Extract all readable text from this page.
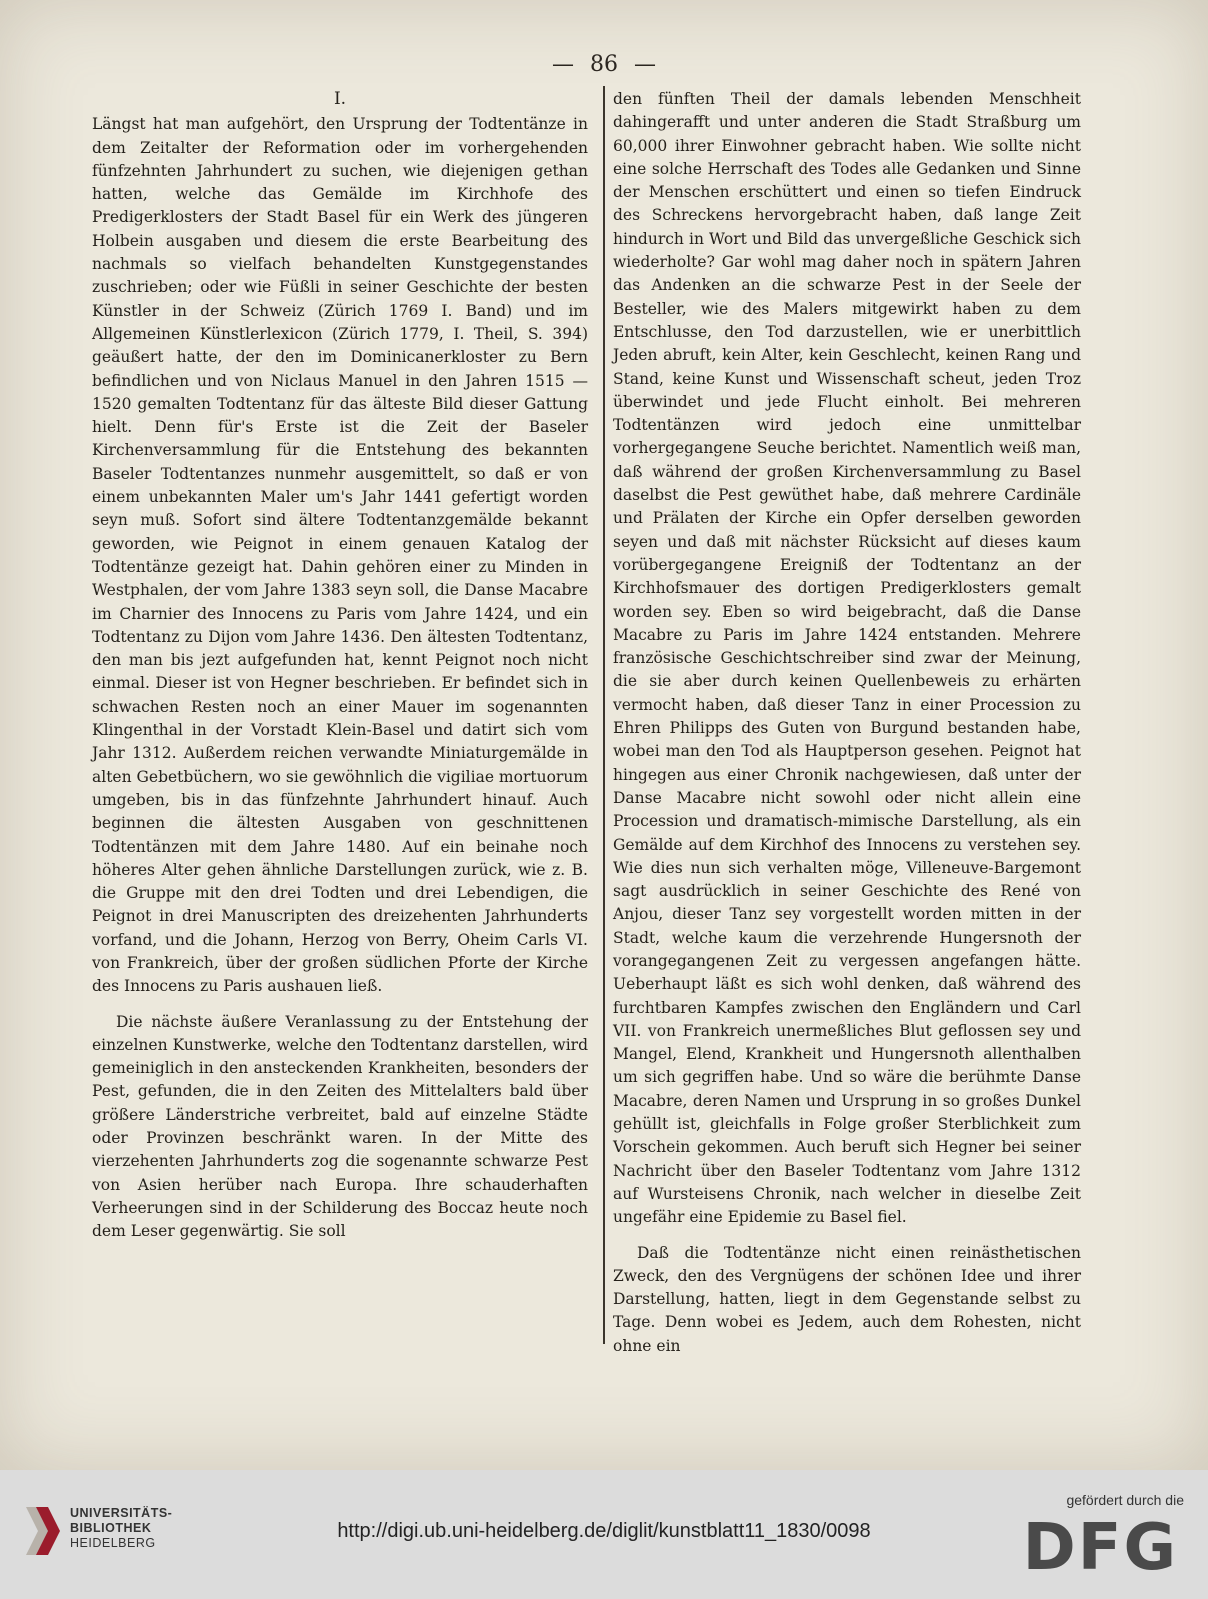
— 86 —
I.

Längst hat man aufgehört, den Ursprung der Todtentänze in dem Zeitalter der Reformation oder im vorhergehenden fünfzehnten Jahrhundert zu suchen, wie diejenigen gethan hatten, welche das Gemälde im Kirchhofe des Predigerklosters der Stadt Basel für ein Werk des jüngeren Holbein ausgaben und diesem die erste Bearbeitung des nachmals so vielfach behandelten Kunstgegenstandes zuschrieben; oder wie Füßli in seiner Geschichte der besten Künstler in der Schweiz (Zürich 1769 I. Band) und im Allgemeinen Künstlerlexicon (Zürich 1779, I. Theil, S. 394) geäußert hatte, der den im Dominicanerkloster zu Bern befindlichen und von Niclaus Manuel in den Jahren 1515 — 1520 gemalten Todtentanz für das älteste Bild dieser Gattung hielt. Denn für's Erste ist die Zeit der Baseler Kirchenversammlung für die Entstehung des bekannten Baseler Todtentanzes nunmehr ausgemittelt, so daß er von einem unbekannten Maler um's Jahr 1441 gefertigt worden seyn muß. Sofort sind ältere Todtentanzgemälde bekannt geworden, wie Peignot in einem genauen Katalog der Todtentänze gezeigt hat. Dahin gehören einer zu Minden in Westphalen, der vom Jahre 1383 seyn soll, die Danse Macabre im Charnier des Innocens zu Paris vom Jahre 1424, und ein Todtentanz zu Dijon vom Jahre 1436. Den ältesten Todtentanz, den man bis jezt aufgefunden hat, kennt Peignot noch nicht einmal. Dieser ist von Hegner beschrieben. Er befindet sich in schwachen Resten noch an einer Mauer im sogenannten Klingenthal in der Vorstadt Klein-Basel und datirt sich vom Jahr 1312. Außerdem reichen verwandte Miniaturgemälde in alten Gebetbüchern, wo sie gewöhnlich die vigiliae mortuorum umgeben, bis in das fünfzehnte Jahrhundert hinauf. Auch beginnen die ältesten Ausgaben von geschnittenen Todtentänzen mit dem Jahre 1480. Auf ein beinahe noch höheres Alter gehen ähnliche Darstellungen zurück, wie z. B. die Gruppe mit den drei Todten und drei Lebendigen, die Peignot in drei Manuscripten des dreizehenten Jahrhunderts vorfand, und die Johann, Herzog von Berry, Oheim Carls VI. von Frankreich, über der großen südlichen Pforte der Kirche des Innocens zu Paris aushauen ließ.

Die nächste äußere Veranlassung zu der Entstehung der einzelnen Kunstwerke, welche den Todtentanz darstellen, wird gemeiniglich in den ansteckenden Krankheiten, besonders der Pest, gefunden, die in den Zeiten des Mittelalters bald über größere Länderstriche verbreitet, bald auf einzelne Städte oder Provinzen beschränkt waren. In der Mitte des vierzehenten Jahrhunderts zog die sogenannte schwarze Pest von Asien herüber nach Europa. Ihre schauderhaften Verheerungen sind in der Schilderung des Boccaz heute noch dem Leser gegenwärtig. Sie soll

den fünften Theil der damals lebenden Menschheit dahingerafft und unter anderen die Stadt Straßburg um 60,000 ihrer Einwohner gebracht haben. Wie sollte nicht eine solche Herrschaft des Todes alle Gedanken und Sinne der Menschen erschüttert und einen so tiefen Eindruck des Schreckens hervorgebracht haben, daß lange Zeit hindurch in Wort und Bild das unvergeßliche Geschick sich wiederholte? Gar wohl mag daher noch in spätern Jahren das Andenken an die schwarze Pest in der Seele der Besteller, wie des Malers mitgewirkt haben zu dem Entschlusse, den Tod darzustellen, wie er unerbittlich Jeden abruft, kein Alter, kein Geschlecht, keinen Rang und Stand, keine Kunst und Wissenschaft scheut, jeden Troz überwindet und jede Flucht einholt. Bei mehreren Todtentänzen wird jedoch eine unmittelbar vorhergegangene Seuche berichtet. Namentlich weiß man, daß während der großen Kirchenversammlung zu Basel daselbst die Pest gewüthet habe, daß mehrere Cardinäle und Prälaten der Kirche ein Opfer derselben geworden seyen und daß mit nächster Rücksicht auf dieses kaum vorübergegangene Ereigniß der Todtentanz an der Kirchhofsmauer des dortigen Predigerklosters gemalt worden sey. Eben so wird beigebracht, daß die Danse Macabre zu Paris im Jahre 1424 entstanden. Mehrere französische Geschichtschreiber sind zwar der Meinung, die sie aber durch keinen Quellenbeweis zu erhärten vermocht haben, daß dieser Tanz in einer Procession zu Ehren Philipps des Guten von Burgund bestanden habe, wobei man den Tod als Hauptperson gesehen. Peignot hat hingegen aus einer Chronik nachgewiesen, daß unter der Danse Macabre nicht sowohl oder nicht allein eine Procession und dramatisch-mimische Darstellung, als ein Gemälde auf dem Kirchhof des Innocens zu verstehen sey. Wie dies nun sich verhalten möge, Villeneuve-Bargemont sagt ausdrücklich in seiner Geschichte des René von Anjou, dieser Tanz sey vorgestellt worden mitten in der Stadt, welche kaum die verzehrende Hungersnoth der vorangegangenen Zeit zu vergessen angefangen hätte. Ueberhaupt läßt es sich wohl denken, daß während des furchtbaren Kampfes zwischen den Engländern und Carl VII. von Frankreich unermeßliches Blut geflossen sey und Mangel, Elend, Krankheit und Hungersnoth allenthalben um sich gegriffen habe. Und so wäre die berühmte Danse Macabre, deren Namen und Ursprung in so großes Dunkel gehüllt ist, gleichfalls in Folge großer Sterblichkeit zum Vorschein gekommen. Auch beruft sich Hegner bei seiner Nachricht über den Baseler Todtentanz vom Jahre 1312 auf Wursteisens Chronik, nach welcher in dieselbe Zeit ungefähr eine Epidemie zu Basel fiel.

Daß die Todtentänze nicht einen reinästhetischen Zweck, den des Vergnügens der schönen Idee und ihrer Darstellung, hatten, liegt in dem Gegenstande selbst zu Tage. Denn wobei es Jedem, auch dem Rohesten, nicht ohne ein

UNIVERSITÄTS-
BIBLIOTHEK
HEIDELBERG
http://digi.ub.uni-heidelberg.de/diglit/kunstblatt11_1830/0098
gefördert durch die
DFG
